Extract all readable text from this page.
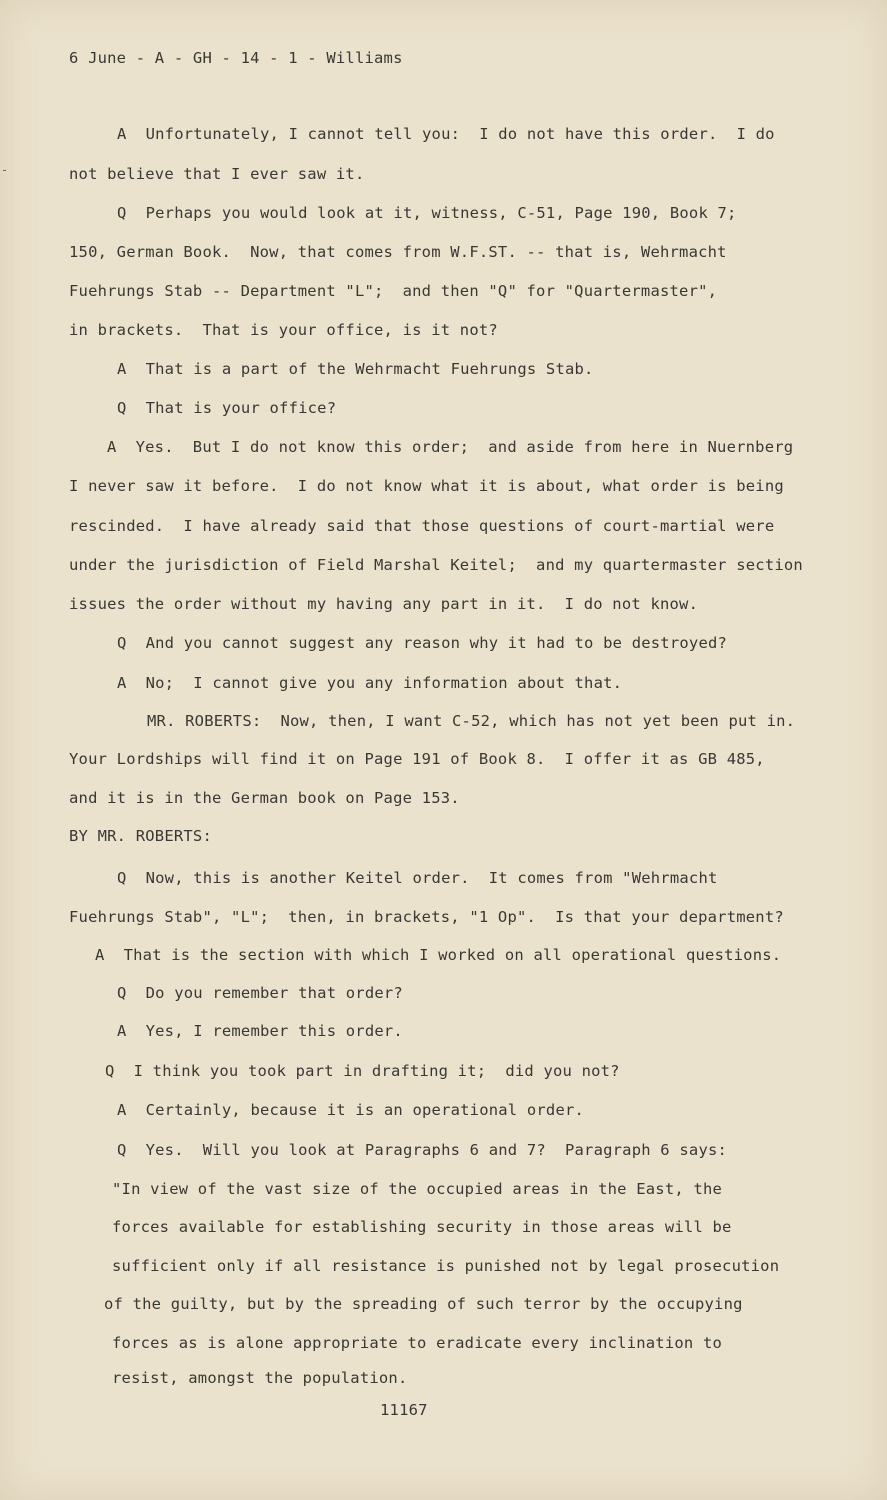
6 June - A - GH - 14 - 1 - Williams
A  Unfortunately, I cannot tell you:  I do not have this order.  I do
not believe that I ever saw it.
Q  Perhaps you would look at it, witness, C-51, Page 190, Book 7;
150, German Book.  Now, that comes from W.F.ST. -- that is, Wehrmacht
Fuehrungs Stab -- Department "L";  and then "Q" for "Quartermaster",
in brackets.  That is your office, is it not?
A  That is a part of the Wehrmacht Fuehrungs Stab.
Q  That is your office?
A  Yes.  But I do not know this order;  and aside from here in Nuernberg
I never saw it before.  I do not know what it is about, what order is being
rescinded.  I have already said that those questions of court-martial were
under the jurisdiction of Field Marshal Keitel;  and my quartermaster section
issues the order without my having any part in it.  I do not know.
Q  And you cannot suggest any reason why it had to be destroyed?
A  No;  I cannot give you any information about that.
MR. ROBERTS:  Now, then, I want C-52, which has not yet been put in.
Your Lordships will find it on Page 191 of Book 8.  I offer it as GB 485,
and it is in the German book on Page 153.
BY MR. ROBERTS:
Q  Now, this is another Keitel order.  It comes from "Wehrmacht
Fuehrungs Stab", "L";  then, in brackets, "1 Op".  Is that your department?
A  That is the section with which I worked on all operational questions.
Q  Do you remember that order?
A  Yes, I remember this order.
Q  I think you took part in drafting it;  did you not?
A  Certainly, because it is an operational order.
Q  Yes.  Will you look at Paragraphs 6 and 7?  Paragraph 6 says:
"In view of the vast size of the occupied areas in the East, the
forces available for establishing security in those areas will be
sufficient only if all resistance is punished not by legal prosecution
of the guilty, but by the spreading of such terror by the occupying
forces as is alone appropriate to eradicate every inclination to
resist, amongst the population.
11167
